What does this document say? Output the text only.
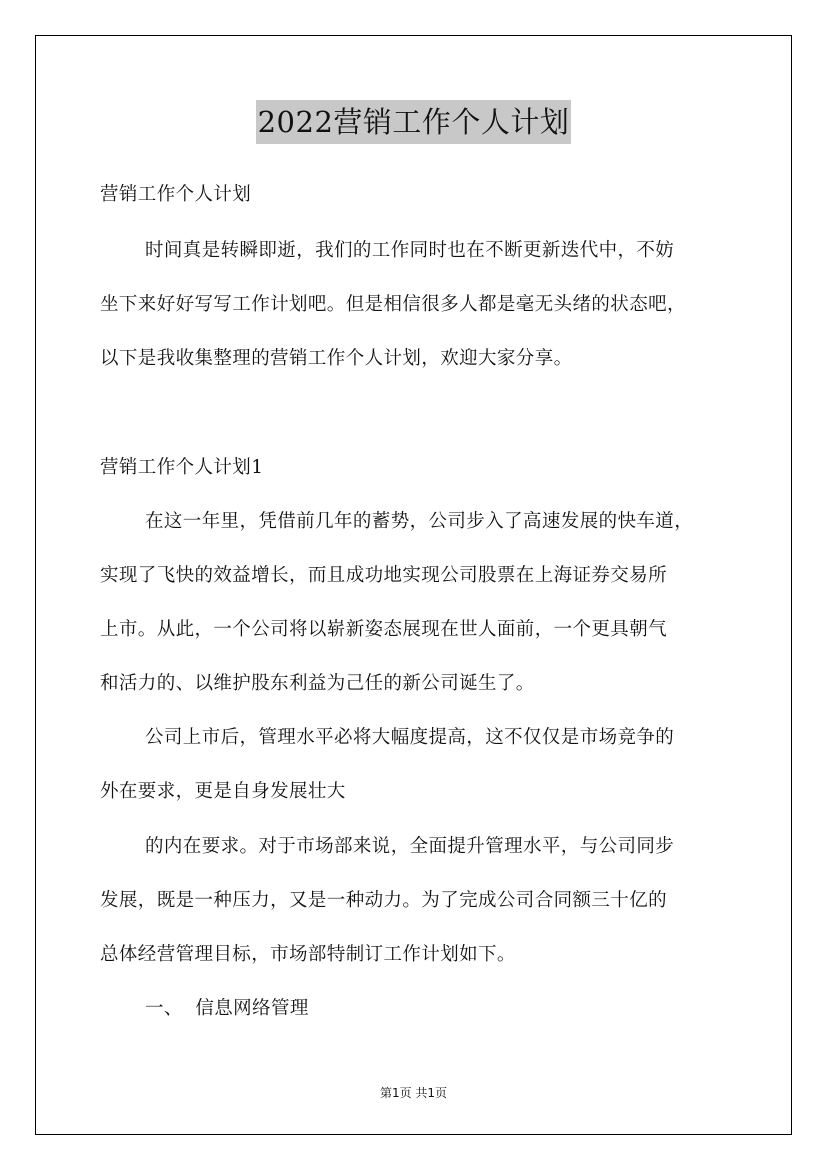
2022营销工作个人计划
营销工作个人计划
时间真是转瞬即逝，我们的工作同时也在不断更新迭代中，不妨
坐下来好好写写工作计划吧。但是相信很多人都是毫无头绪的状态吧，
以下是我收集整理的营销工作个人计划，欢迎大家分享。
营销工作个人计划1
在这一年里，凭借前几年的蓄势，公司步入了高速发展的快车道，
实现了飞快的效益增长，而且成功地实现公司股票在上海证券交易所
上市。从此，一个公司将以崭新姿态展现在世人面前，一个更具朝气
和活力的、以维护股东利益为己任的新公司诞生了。
公司上市后，管理水平必将大幅度提高，这不仅仅是市场竞争的
外在要求，更是自身发展壮大
的内在要求。对于市场部来说，全面提升管理水平，与公司同步
发展，既是一种压力，又是一种动力。为了完成公司合同额三十亿的
总体经营管理目标，市场部特制订工作计划如下。
一、  信息网络管理
第1页 共1页
